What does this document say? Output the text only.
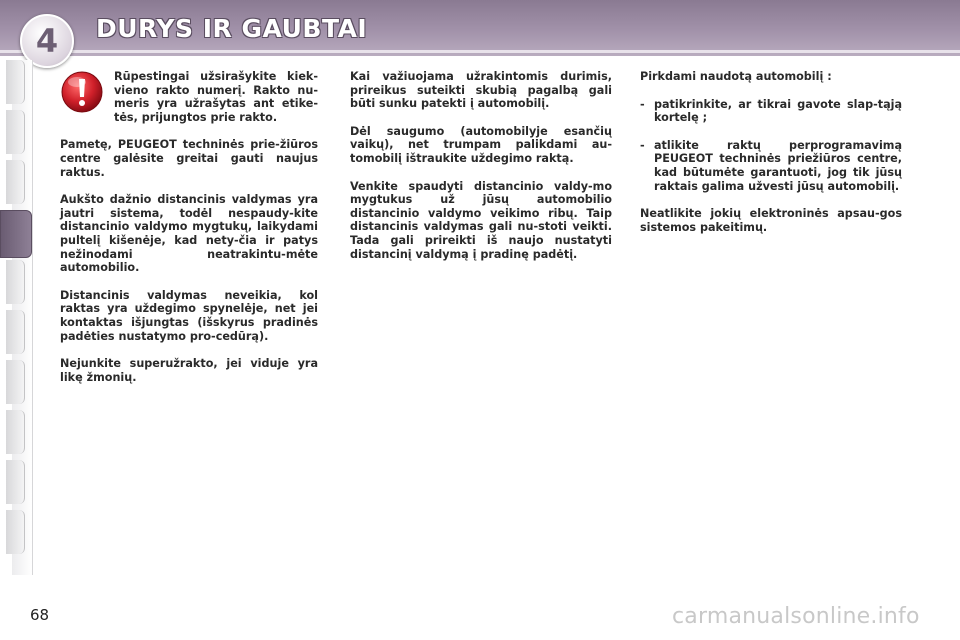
4 DURYS IR GAUBTAI
Rūpestingai užsirašykite kiek-vieno rakto numerį. Rakto nu-meris yra užrašytas ant etike-tės, prijungtos prie rakto.

Pametę, PEUGEOT techninės prie-žiūros centre galėsite greitai gauti naujus raktus.

Aukšto dažnio distancinis valdymas yra jautri sistema, todėl nespaudy-kite distancinio valdymo mygtukų, laikydami pultelį kišenėje, kad nety-čia ir patys nežinodami neatrakintu-mėte automobilio.

Distancinis valdymas neveikia, kol raktas yra uždegimo spynelėje, net jei kontaktas išjungtas (išskyrus pradinės padėties nustatymo pro-cedūrą).

Nejunkite superužrakto, jei viduje yra likę žmonių.

Kai važiuojama užrakintomis durimis, prireikus suteikti skubią pagalbą gali būti sunku patekti į automobilį.

Dėl saugumo (automobilyje esančių vaikų), net trumpam palikdami au-tomobilį ištraukite uždegimo raktą.

Venkite spaudyti distancinio valdy-mo mygtukus už jūsų automobilio distancinio valdymo veikimo ribų. Taip distancinis valdymas gali nu-stoti veikti. Tada gali prireikti iš naujo nustatyti distancinį valdymą į pradinę padėtį.

Pirkdami naudotą automobilį :

- patikrinkite, ar tikrai gavote slap-tąją kortelę ;
- atlikite raktų perprogramavimą PEUGEOT techninės priežiūros centre, kad būtumėte garantuoti, jog tik jūsų raktais galima užvesti jūsų automobilį.

Neatlikite jokių elektroninės apsau-gos sistemos pakeitimų.

68	carmanualsonline.info
